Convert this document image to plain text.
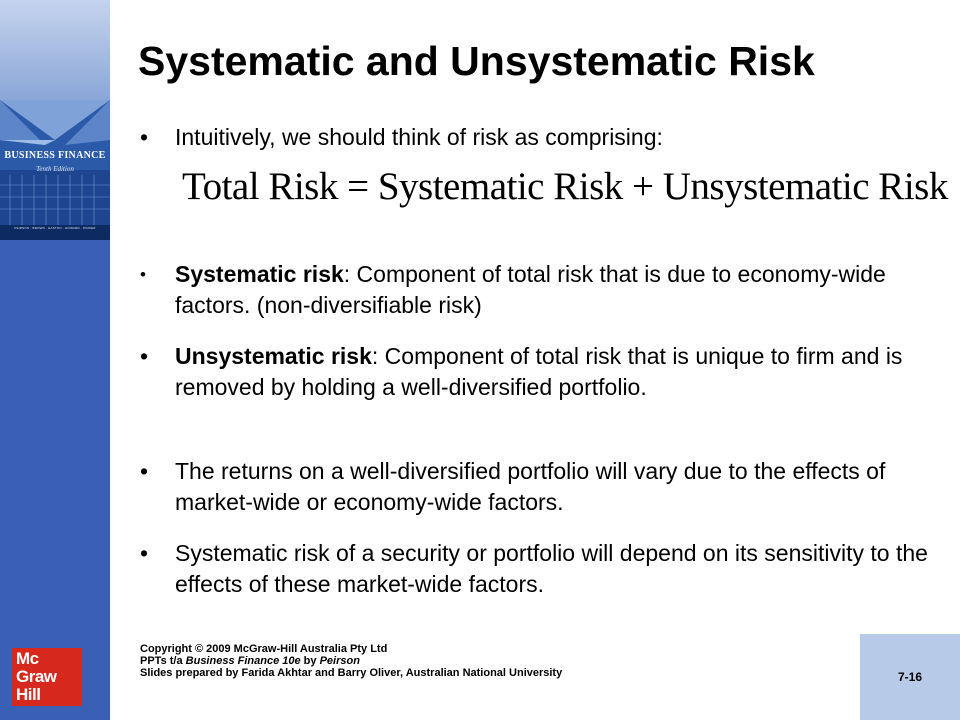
BUSINESS FINANCE
Tenth Edition
PEIRSON · BROWN · EASTON · HOWARD · PINDER
Systematic and Unsystematic Risk
• Intuitively, we should think of risk as comprising:
Total Risk = Systematic Risk + Unsystematic Risk
• Systematic risk: Component of total risk that is due to economy-wide factors. (non-diversifiable risk)
• Unsystematic risk: Component of total risk that is unique to firm and is removed by holding a well-diversified portfolio.
• The returns on a well-diversified portfolio will vary due to the effects of market-wide or economy-wide factors.
• Systematic risk of a security or portfolio will depend on its sensitivity to the effects of these market-wide factors.
Mc
Graw
Hill
Copyright © 2009 McGraw-Hill Australia Pty Ltd
PPTs t/a Business Finance 10e by Peirson
Slides prepared by Farida Akhtar and Barry Oliver, Australian National University	7-16
